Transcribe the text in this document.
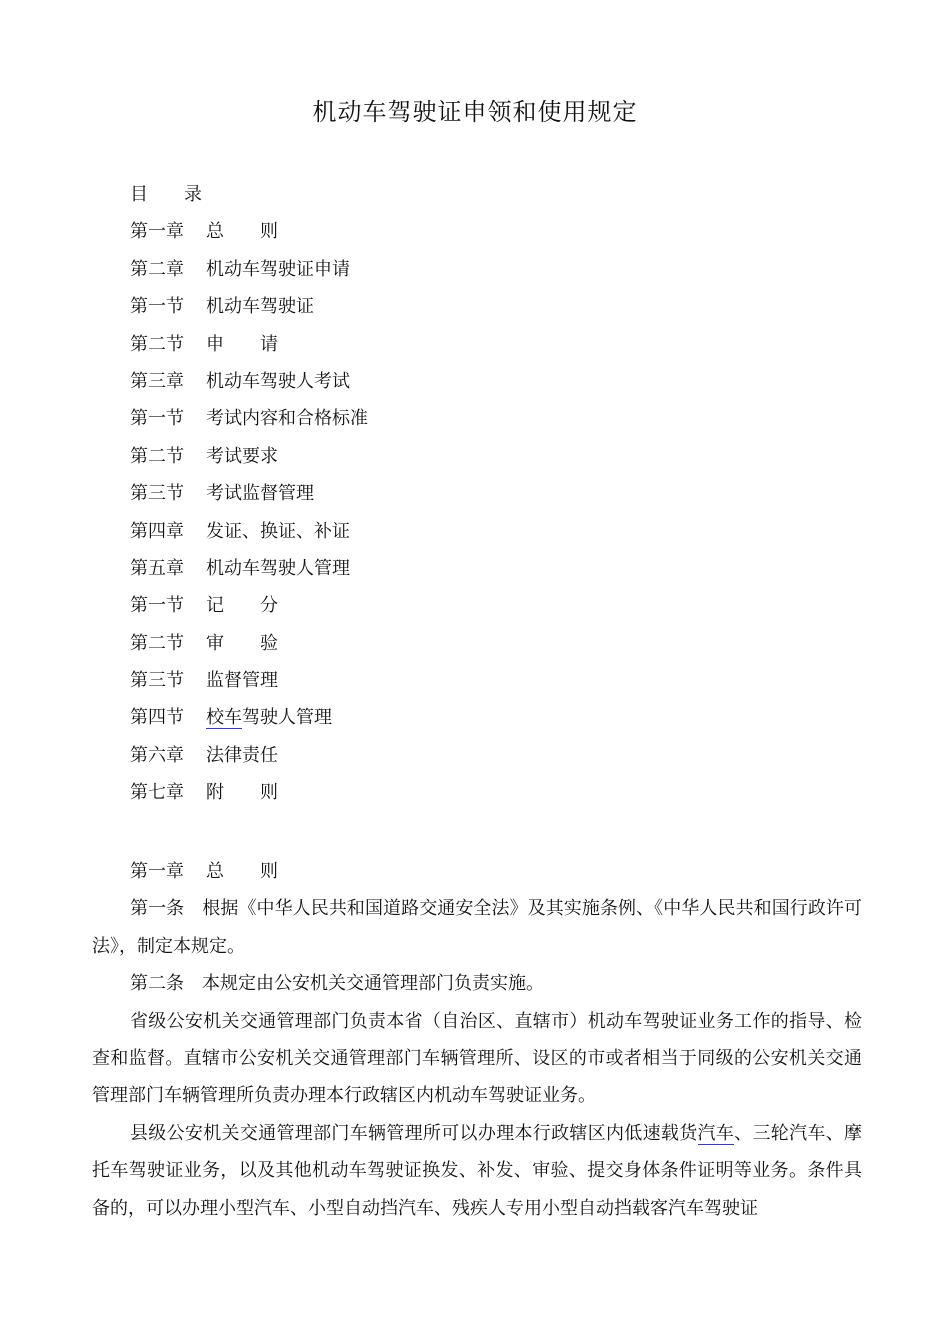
机动车驾驶证申领和使用规定
目　　录
第一章 总　　则
第二章 机动车驾驶证申请
第一节 机动车驾驶证
第二节 申　　请
第三章 机动车驾驶人考试
第一节 考试内容和合格标准
第二节 考试要求
第三节 考试监督管理
第四章 发证、换证、补证
第五章 机动车驾驶人管理
第一节 记　　分
第二节 审　　验
第三节 监督管理
第四节 校车驾驶人管理
第六章 法律责任
第七章 附　　则
第一章 总　　则

第一条　根据《中华人民共和国道路交通安全法》及其实施条例、《中华人民共和国行政许可法》，制定本规定。

第二条　本规定由公安机关交通管理部门负责实施。

省级公安机关交通管理部门负责本省（自治区、直辖市）机动车驾驶证业务工作的指导、检查和监督。直辖市公安机关交通管理部门车辆管理所、设区的市或者相当于同级的公安机关交通管理部门车辆管理所负责办理本行政辖区内机动车驾驶证业务。

县级公安机关交通管理部门车辆管理所可以办理本行政辖区内低速载货汽车、三轮汽车、摩托车驾驶证业务，以及其他机动车驾驶证换发、补发、审验、提交身体条件证明等业务。条件具备的，可以办理小型汽车、小型自动挡汽车、残疾人专用小型自动挡载客汽车驾驶证
